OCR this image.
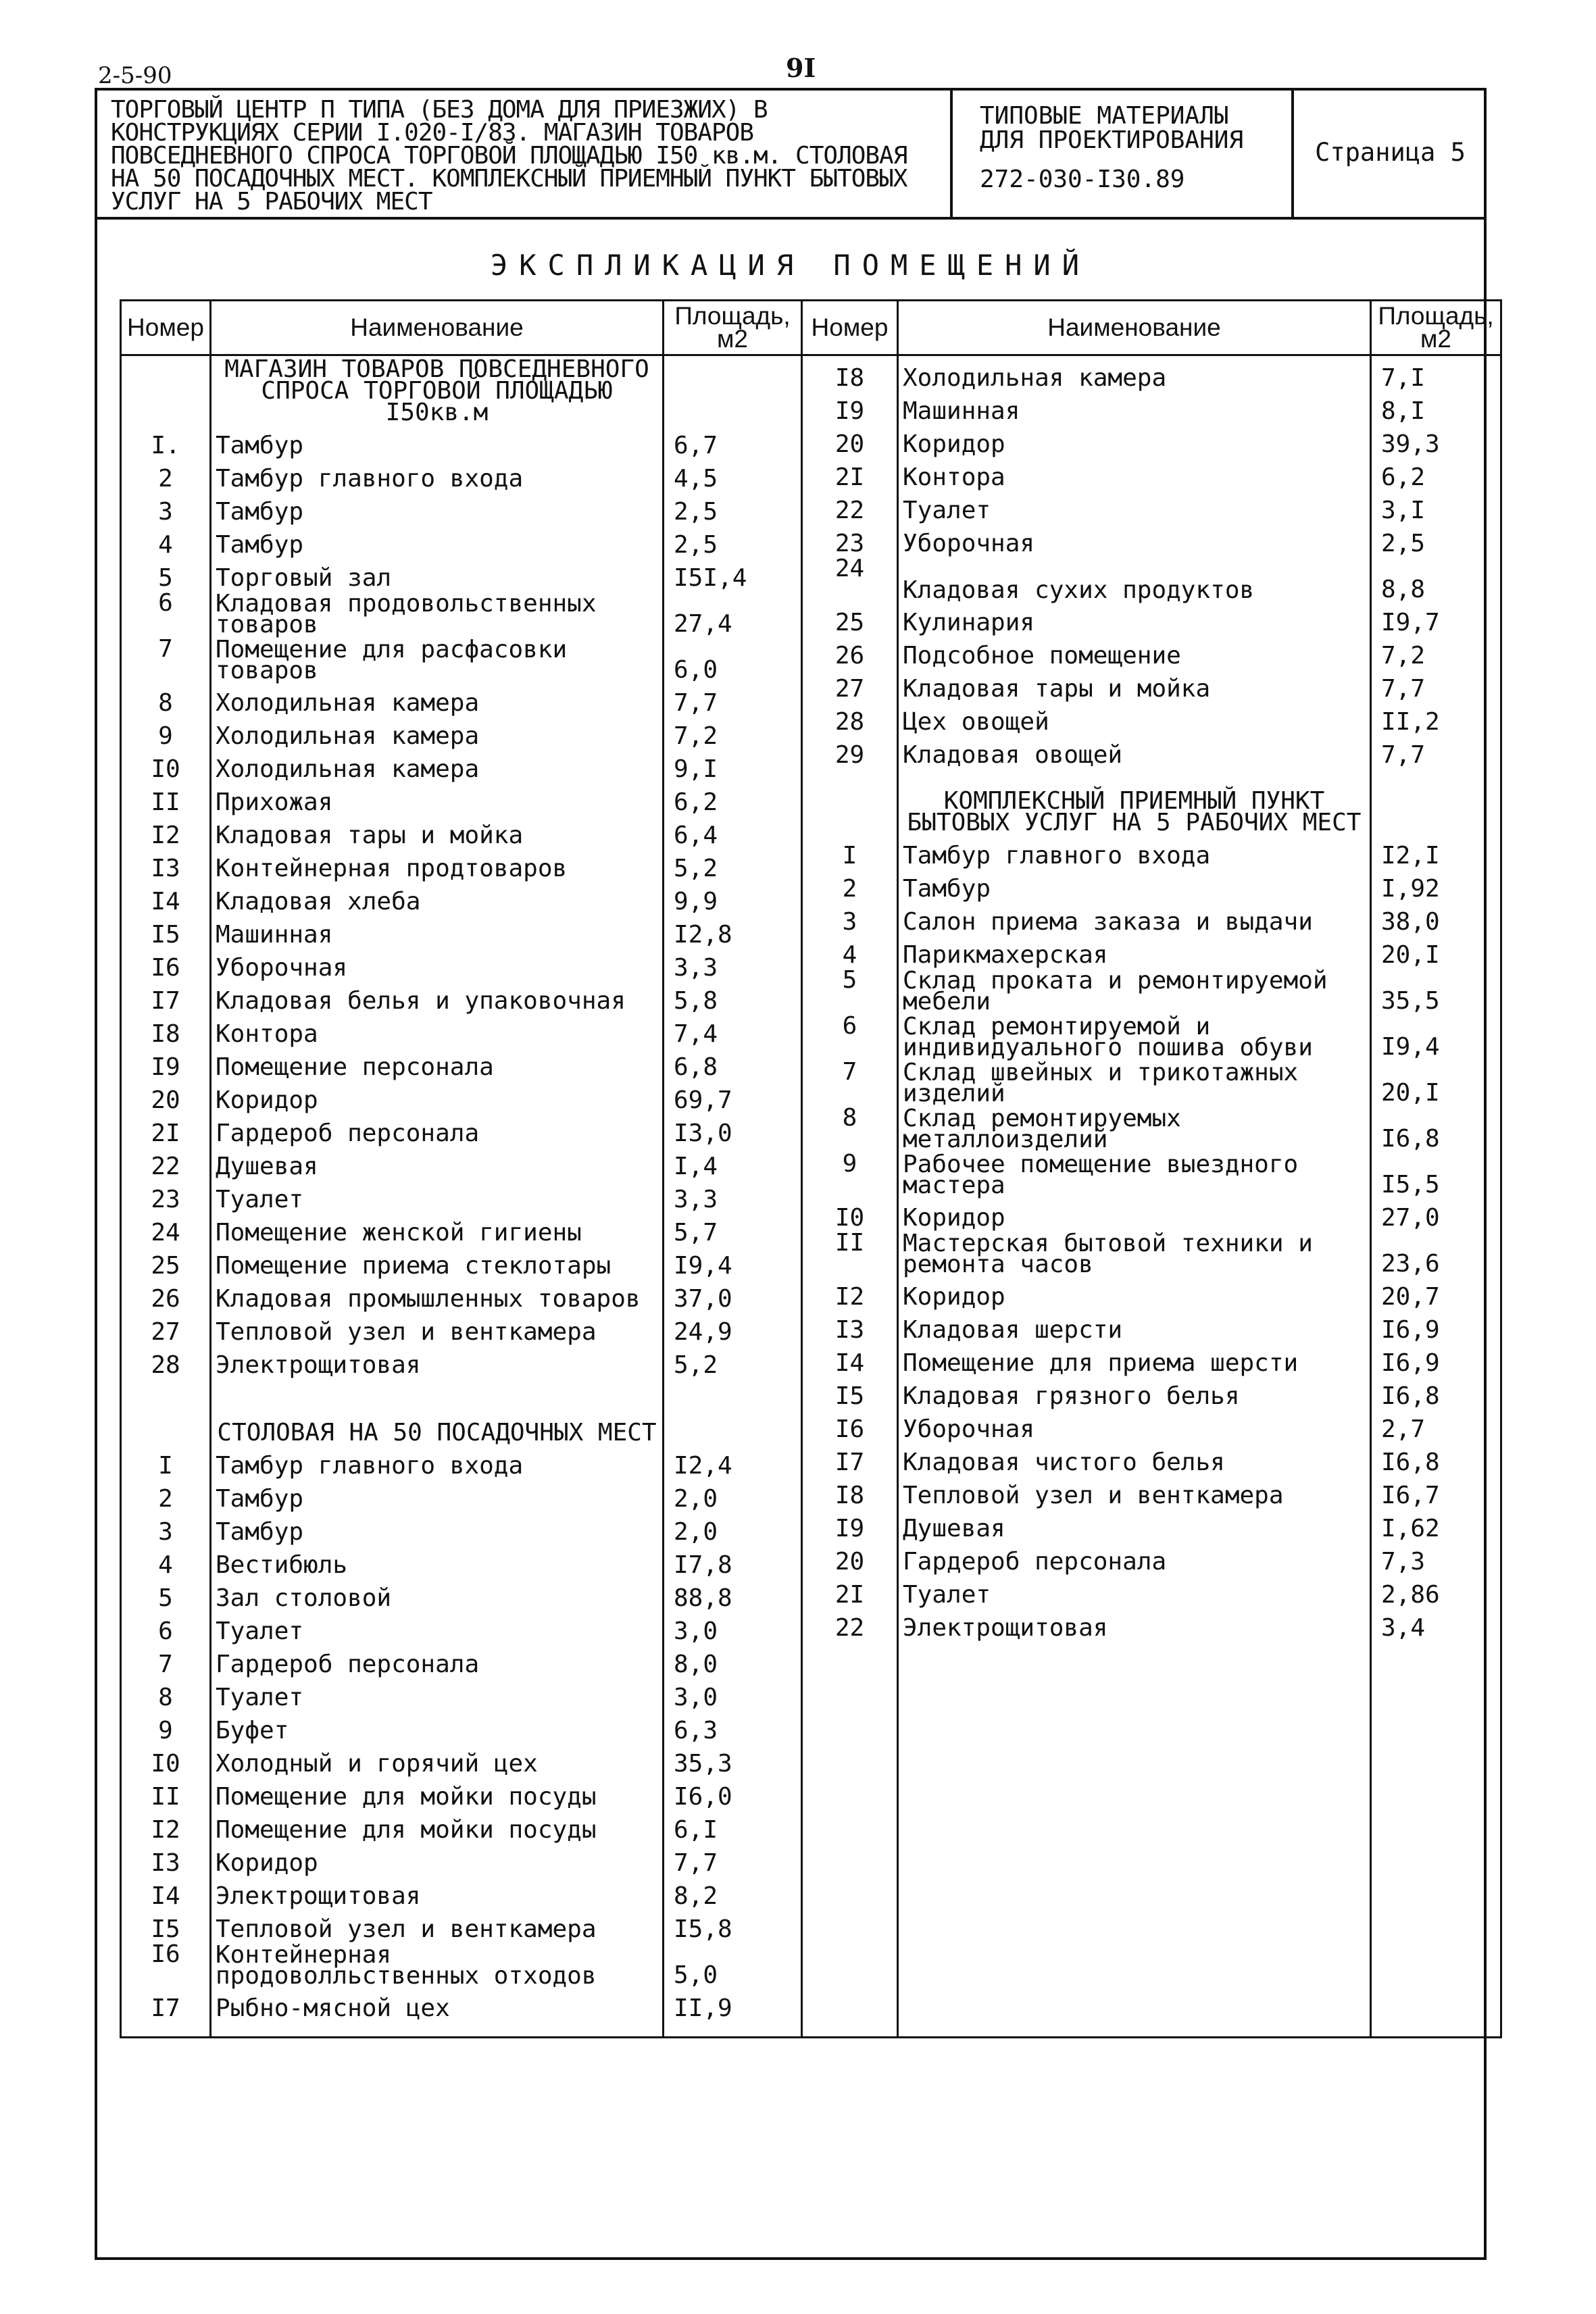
2-5-90	9I
ТОРГОВЫЙ ЦЕНТР П ТИПА (БЕЗ ДОМА ДЛЯ ПРИЕЗЖИХ) В КОНСТРУКЦИЯХ СЕРИИ I.020-I/83. МАГАЗИН ТОВАРОВ ПОВСЕДНЕВНОГО СПРОСА ТОРГОВОЙ ПЛОЩАДЬЮ I50 кв.м. СТОЛОВАЯ НА 50 ПОСАДОЧНЫХ МЕСТ. КОМПЛЕКСНЫЙ ПРИЕМНЫЙ ПУНКТ БЫТОВЫХ УСЛУГ НА 5 РАБОЧИХ МЕСТ
ТИПОВЫЕ МАТЕРИАЛЫ
ДЛЯ ПРОЕКТИРОВАНИЯ
272-030-I30.89
Страница 5
ЭКСПЛИКАЦИЯ ПОМЕЩЕНИЙ
Номер	Наименование	Площадь, м2
	МАГАЗИН ТОВАРОВ ПОВСЕДНЕВНОГО СПРОСА ТОРГОВОЙ ПЛОЩАДЬЮ I50кв.м	
I.	Тамбур	6,7
2	Тамбур главного входа	4,5
3	Тамбур	2,5
4	Тамбур	2,5
5	Торговый зал	I5I,4
6	Кладовая продовольственных товаров	27,4
7	Помещение для расфасовки товаров	6,0
8	Холодильная камера	7,7
9	Холодильная камера	7,2
I0	Холодильная камера	9,I
II	Прихожая	6,2
I2	Кладовая тары и мойка	6,4
I3	Контейнерная продтоваров	5,2
I4	Кладовая хлеба	9,9
I5	Машинная	I2,8
I6	Уборочная	3,3
I7	Кладовая белья и упаковочная	5,8
I8	Контора	7,4
I9	Помещение персонала	6,8
20	Коридор	69,7
2I	Гардероб персонала	I3,0
22	Душевая	I,4
23	Туалет	3,3
24	Помещение женской гигиены	5,7
25	Помещение приема стеклотары	I9,4
26	Кладовая промышленных товаров	37,0
27	Тепловой узел и венткамера	24,9
28	Электрощитовая	5,2
	СТОЛОВАЯ НА 50 ПОСАДОЧНЫХ МЕСТ	
I	Тамбур главного входа	I2,4
2	Тамбур	2,0
3	Тамбур	2,0
4	Вестибюль	I7,8
5	Зал столовой	88,8
6	Туалет	3,0
7	Гардероб персонала	8,0
8	Туалет	3,0
9	Буфет	6,3
I0	Холодный и горячий цех	35,3
II	Помещение для мойки посуды	I6,0
I2	Помещение для мойки посуды	6,I
I3	Коридор	7,7
I4	Электрощитовая	8,2
I5	Тепловой узел и венткамера	I5,8
I6	Контейнерная продоволльственных отходов	5,0
I7	Рыбно-мясной цех	II,9

Номер	Наименование	Площадь, м2
I8	Холодильная камера	7,I
I9	Машинная	8,I
20	Коридор	39,3
2I	Контора	6,2
22	Туалет	3,I
23	Уборочная	2,5
24	Кладовая сухих продуктов	8,8
25	Кулинария	I9,7
26	Подсобное помещение	7,2
27	Кладовая тары и мойка	7,7
28	Цех овощей	II,2
29	Кладовая овощей	7,7
	КОМПЛЕКСНЫЙ ПРИЕМНЫЙ ПУНКТ БЫТОВЫХ УСЛУГ НА 5 РАБОЧИХ МЕСТ	
I	Тамбур главного входа	I2,I
2	Тамбур	I,92
3	Салон приема заказа и выдачи	38,0
4	Парикмахерская	20,I
5	Склад проката и ремонтируемой мебели	35,5
6	Склад ремонтируемой и индивидуального пошива обуви	I9,4
7	Склад швейных и трикотажных изделий	20,I
8	Склад ремонтируемых металлоизделий	I6,8
9	Рабочее помещение выездного мастера	I5,5
I0	Коридор	27,0
II	Мастерская бытовой техники и ремонта часов	23,6
I2	Коридор	20,7
I3	Кладовая шерсти	I6,9
I4	Помещение для приема шерсти	I6,9
I5	Кладовая грязного белья	I6,8
I6	Уборочная	2,7
I7	Кладовая чистого белья	I6,8
I8	Тепловой узел и венткамера	I6,7
I9	Душевая	I,62
20	Гардероб персонала	7,3
2I	Туалет	2,86
22	Электрощитовая	3,4
